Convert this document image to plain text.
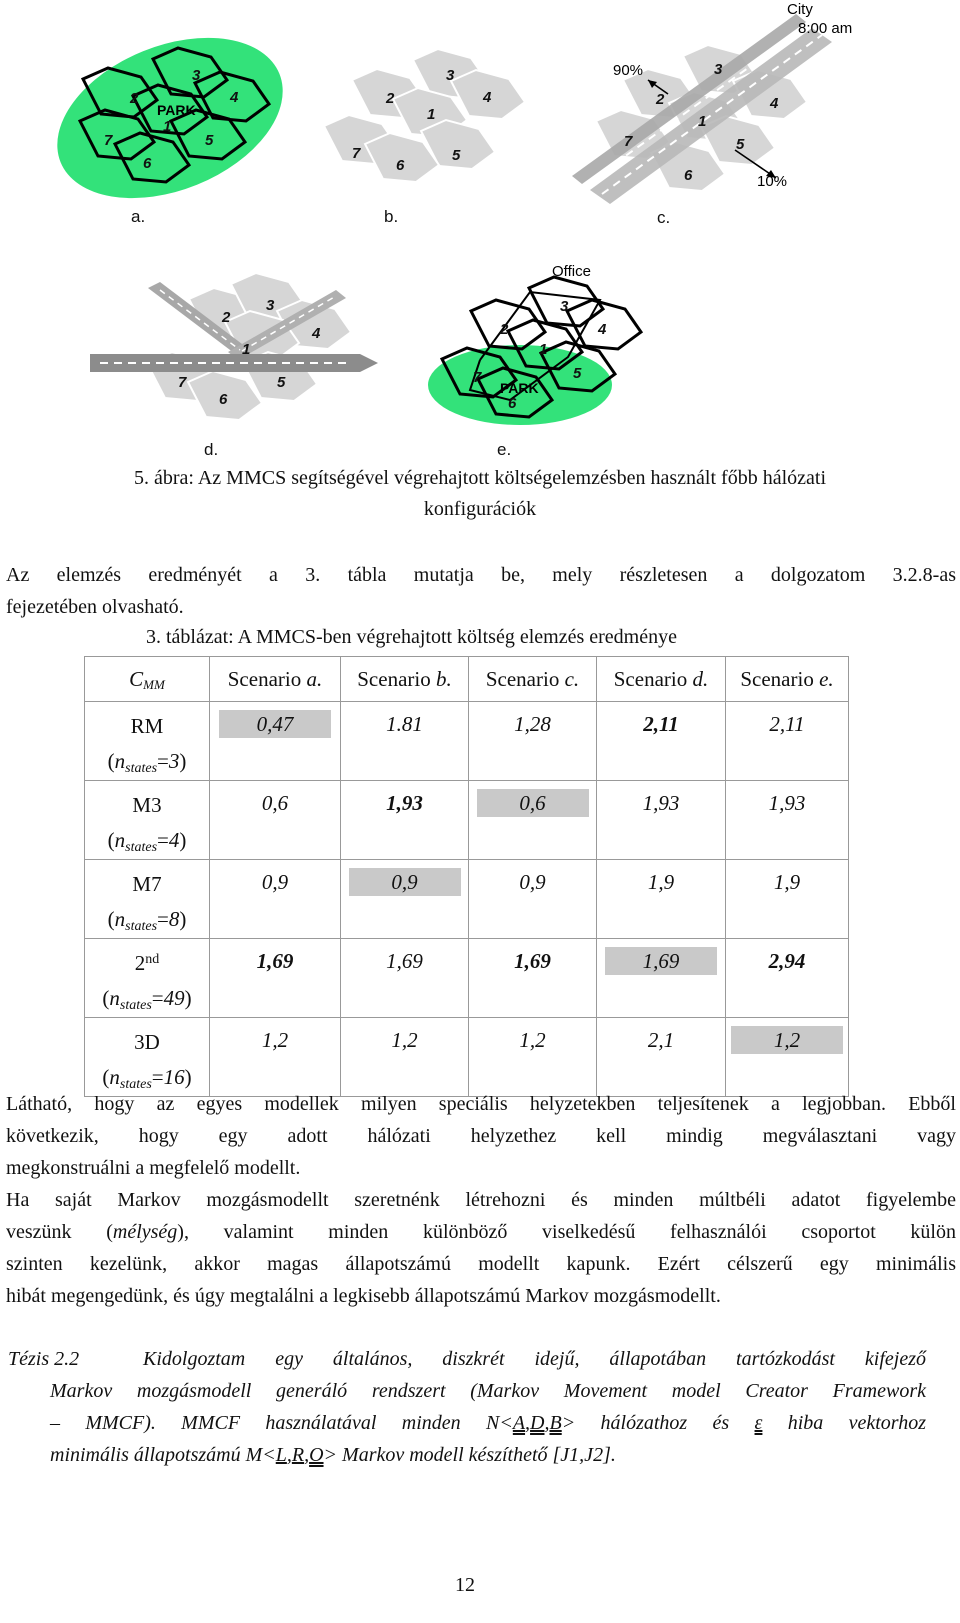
3
2	4
1
7	5
6
PARK
3
2	4
1
7	5
6
3
2	4
1
7	5
6
City
8:00 am
90%
10%
3
2
4
1
7	5
6
3
2	4
1
7	5
6
PARK
Office
a.	b.	c.
d.	e.
5. ábra: Az MMCS segítségével végrehajtott költségelemzésben használt főbb hálózati
konfigurációk
Az elemzés eredményét a 3. tábla mutatja be, mely részletesen a dolgozatom 3.2.8-as
fejezetében olvasható.
3. táblázat: A MMCS-ben végrehajtott költség elemzés eredménye
CMM	Scenario a.	Scenario b.	Scenario c.	Scenario d.	Scenario e.

RM
(nstates=3)	0,47	1.81	1,28	2,11	2,11

M3
(nstates=4)	0,6	1,93	0,6	1,93	1,93

M7
(nstates=8)	0,9	0,9	0,9	1,9	1,9

2nd
(nstates=49)	1,69	1,69	1,69	1,69	2,94

3D
(nstates=16)	1,2	1,2	1,2	2,1	1,2
Látható, hogy az egyes modellek milyen speciális helyzetekben teljesítenek a legjobban. Ebből
következik, hogy egy adott hálózati helyzethez kell mindig megválasztani vagy
megkonstruálni a megfelelő modellt.
Ha saját Markov mozgásmodellt szeretnénk létrehozni és minden múltbéli adatot figyelembe
veszünk (mélység), valamint minden különböző viselkedésű felhasználói csoportot külön
szinten kezelünk, akkor magas állapotszámú modellt kapunk. Ezért célszerű egy minimális
hibát megengedünk, és úgy megtalálni a legkisebb állapotszámú Markov mozgásmodellt.
Tézis 2.2	Kidolgoztam egy általános, diszkrét idejű, állapotában tartózkodást kifejező
Markov mozgásmodell generáló rendszert (Markov Movement model Creator Framework
– MMCF). MMCF használatával minden N<A,D,B> hálózathoz és ε hiba vektorhoz
minimális állapotszámú M<L,R,O> Markov modell készíthető [J1,J2].
12
